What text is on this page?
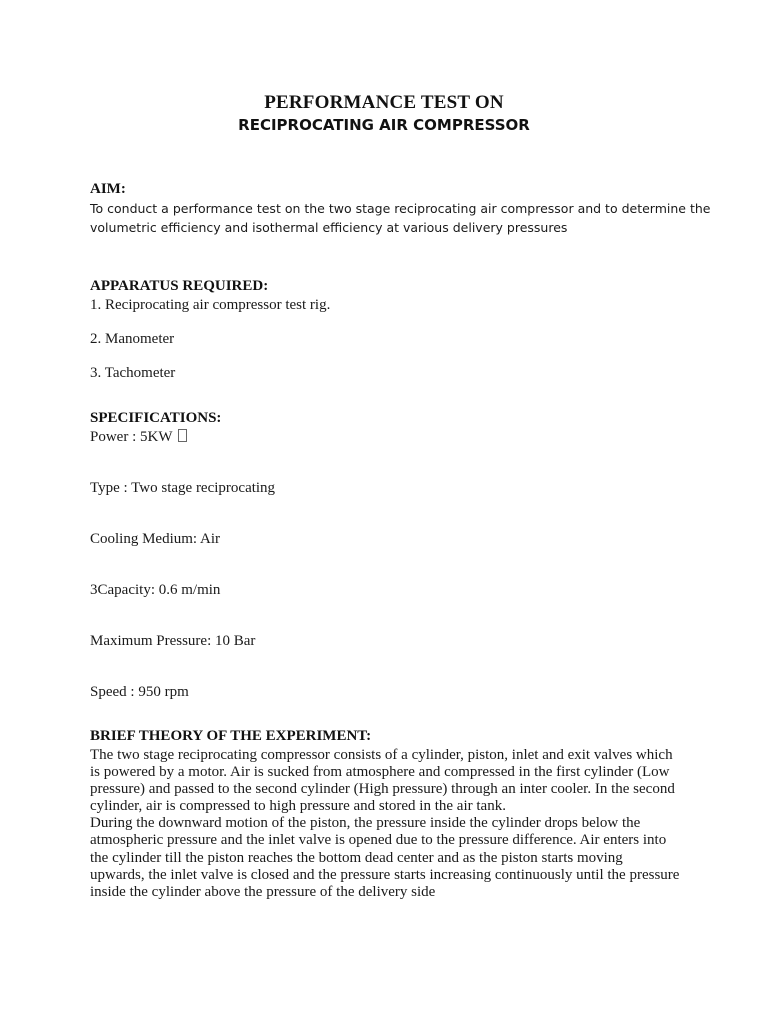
PERFORMANCE TEST ON
RECIPROCATING AIR COMPRESSOR
AIM:
To conduct a performance test on the two stage reciprocating air compressor and to determine the
volumetric efficiency and isothermal efficiency at various delivery pressures
APPARATUS REQUIRED:
1. Reciprocating air compressor test rig.
2. Manometer
3. Tachometer
SPECIFICATIONS:
Power : 5KW
Type : Two stage reciprocating
Cooling Medium: Air
3Capacity: 0.6 m/min
Maximum Pressure: 10 Bar
Speed : 950 rpm
BRIEF THEORY OF THE EXPERIMENT:

The two stage reciprocating compressor consists of a cylinder, piston, inlet and exit valves which is powered by a motor. Air is sucked from atmosphere and compressed in the first cylinder (Low pressure) and passed to the second cylinder (High pressure) through an inter cooler. In the second cylinder, air is compressed to high pressure and stored in the air tank.

During the downward motion of the piston, the pressure inside the cylinder drops below the atmospheric pressure and the inlet valve is opened due to the pressure difference. Air enters into the cylinder till the piston reaches the bottom dead center and as the piston starts moving upwards, the inlet valve is closed and the pressure starts increasing continuously until the pressure inside the cylinder above the pressure of the delivery side
